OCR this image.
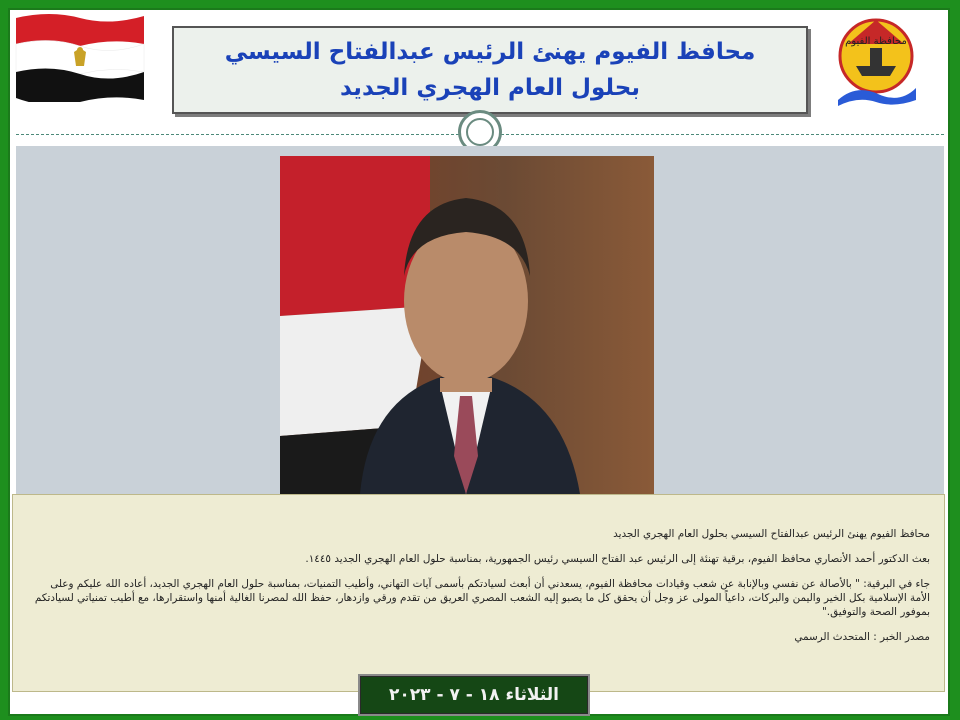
محافظ الفيوم يهنئ الرئيس عبدالفتاح السيسي بحلول العام الهجري الجديد
محافظة الفيوم

محافظ الفيوم يهنئ الرئيس عبدالفتاح السيسي بحلول العام الهجري الجديد

بعث الدكتور أحمد الأنصاري محافظ الفيوم، برقية تهنئة إلى الرئيس عبد الفتاح السيسي رئيس الجمهورية، بمناسبة حلول العام الهجري الجديد ١٤٤٥.

جاء في البرقية: " بالأصالة عن نفسي وبالإنابة عن شعب وقيادات محافظة الفيوم، يسعدني أن أبعث لسيادتكم بأسمى آيات التهاني، وأطيب التمنيات، بمناسبة حلول العام الهجري الجديد، أعاده الله عليكم وعلى الأمة الإسلامية بكل الخير واليمن والبركات، داعياً المولى عز وجل أن يحقق كل ما يصبو إليه الشعب المصري العريق من تقدم ورقي وازدهار، حفظ الله لمصرنا الغالية أمنها واستقرارها، مع أطيب تمنياتي لسيادتكم بموفور الصحة والتوفيق."

مصدر الخبر : المتحدث الرسمي

الثلاثاء ١٨ - ٧ - ٢٠٢٣
